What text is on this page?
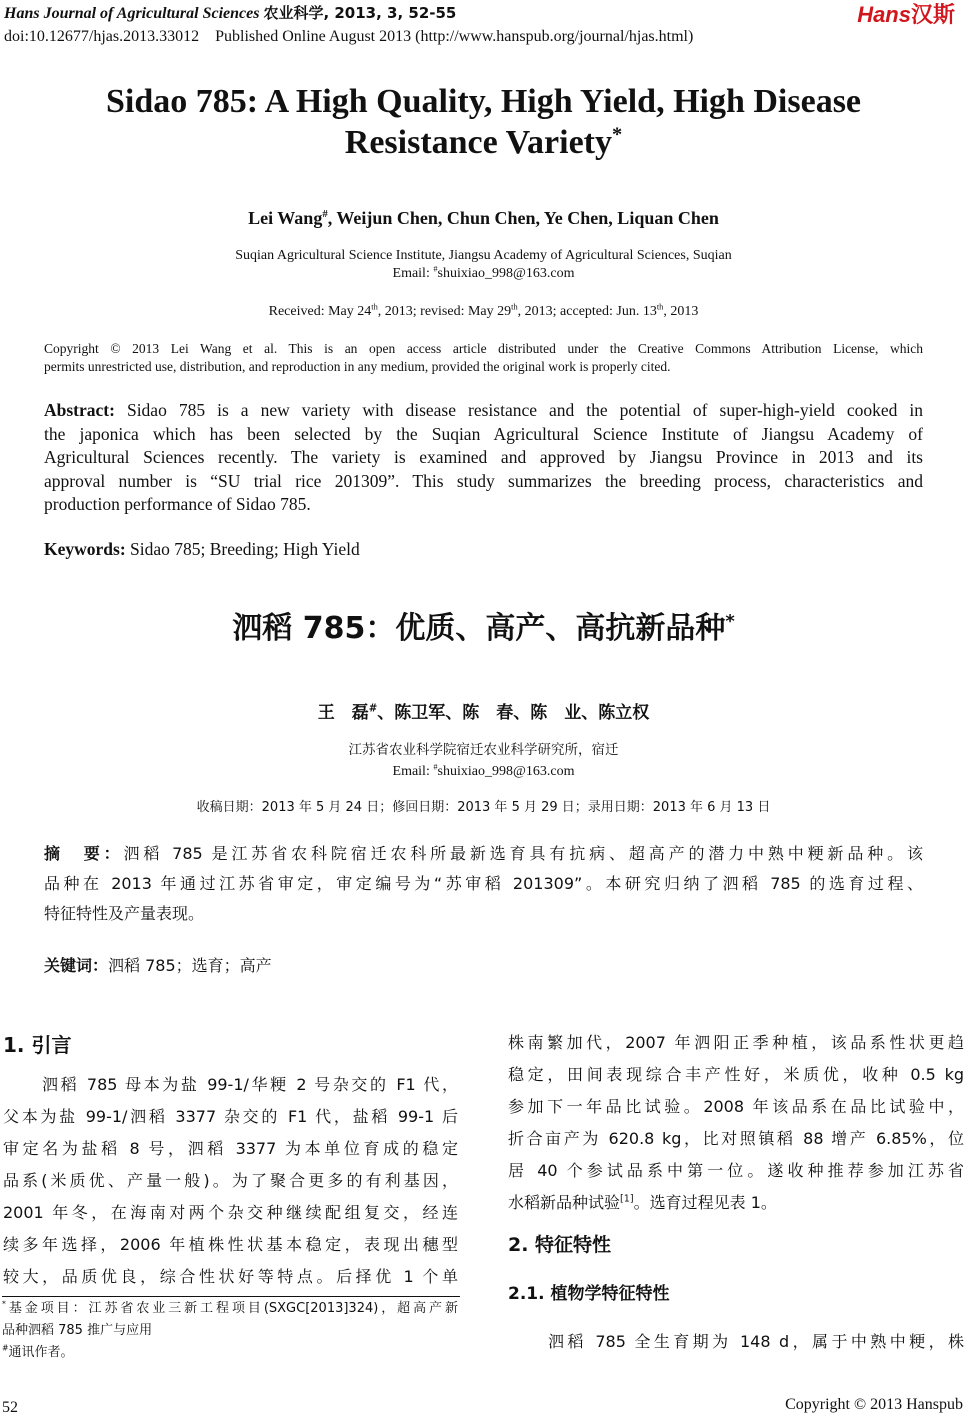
Hans Journal of Agricultural Sciences 农业科学, 2013, 3, 52-55
doi:10.12677/hjas.2013.33012    Published Online August 2013 (http://www.hanspub.org/journal/hjas.html)
Hans汉斯
Sidao 785: A High Quality, High Yield, High Disease
Resistance Variety*
Lei Wang#, Weijun Chen, Chun Chen, Ye Chen, Liquan Chen
Suqian Agricultural Science Institute, Jiangsu Academy of Agricultural Sciences, Suqian
Email: #shuixiao_998@163.com
Received: May 24th, 2013; revised: May 29th, 2013; accepted: Jun. 13th, 2013
Copyright © 2013 Lei Wang et al. This is an open access article distributed under the Creative Commons Attribution License, which
permits unrestricted use, distribution, and reproduction in any medium, provided the original work is properly cited.
Abstract: Sidao 785 is a new variety with disease resistance and the potential of super-high-yield cooked in
the japonica which has been selected by the Suqian Agricultural Science Institute of Jiangsu Academy of
Agricultural Sciences recently. The variety is examined and approved by Jiangsu Province in 2013 and its
approval number is “SU trial rice 201309”. This study summarizes the breeding process, characteristics and
production performance of Sidao 785.
Keywords: Sidao 785; Breeding; High Yield
泗稻 785：优质、高产、高抗新品种*
王　磊#、陈卫军、陈　春、陈　业、陈立权
江苏省农业科学院宿迁农业科学研究所，宿迁
Email: #shuixiao_998@163.com
收稿日期：2013 年 5 月 24 日；修回日期：2013 年 5 月 29 日；录用日期：2013 年 6 月 13 日
摘　要：泗稻 785 是江苏省农科院宿迁农科所最新选育具有抗病、超高产的潜力中熟中粳新品种。该
品种在 2013 年通过江苏省审定，审定编号为“苏审稻 201309”。本研究归纳了泗稻 785 的选育过程、
特征特性及产量表现。
关键词：泗稻 785；选育；高产
1. 引言
泗稻 785 母本为盐 99-1/华粳 2 号杂交的 F1 代，
父本为盐 99-1/泗稻 3377 杂交的 F1 代，盐稻 99-1 后
审定名为盐稻 8 号，泗稻 3377 为本单位育成的稳定
品系(米质优、产量一般)。为了聚合更多的有利基因，
2001 年冬，在海南对两个杂交种继续配组复交，经连
续多年选择，2006 年植株性状基本稳定，表现出穗型
较大，品质优良，综合性状好等特点。后择优 1 个单
*基金项目：江苏省农业三新工程项目(SXGC[2013]324)，超高产新
品种泗稻 785 推广与应用
#通讯作者。
株南繁加代，2007 年泗阳正季种植，该品系性状更趋
稳定，田间表现综合丰产性好，米质优，收种 0.5 kg
参加下一年品比试验。2008 年该品系在品比试验中，
折合亩产为 620.8 kg，比对照镇稻 88 增产 6.85%，位
居 40 个参试品系中第一位。遂收种推荐参加江苏省
水稻新品种试验[1]。选育过程见表 1。
2. 特征特性
2.1. 植物学特征特性
泗稻 785 全生育期为 148 d，属于中熟中粳，株
52	Copyright © 2013 Hanspub
